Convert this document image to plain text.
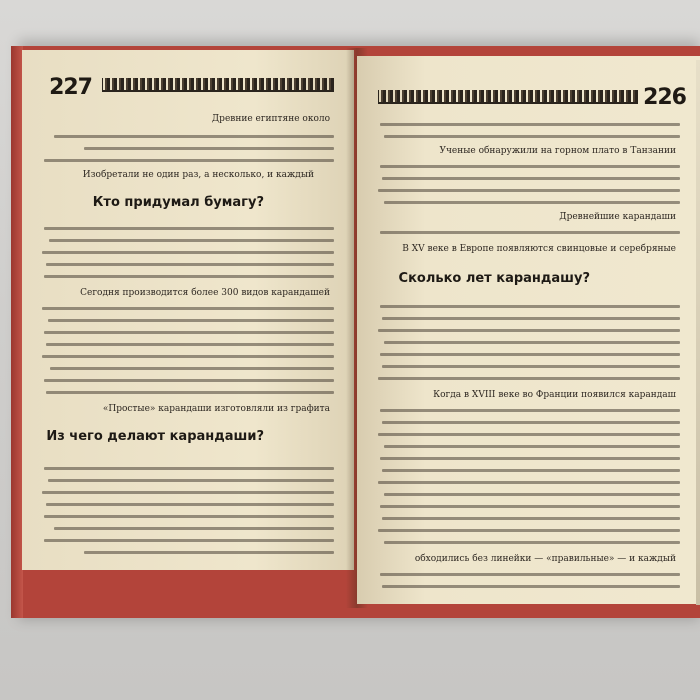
227
Древние египтяне около
Изобретали не один раз, а несколько, и каждый
Кто придумал бумагу?
Сегодня производится более 300 видов карандашей
«Простые» карандаши изготовляли из графита
Из чего делают карандаши?
226
Ученые обнаружили на горном плато в Танзании
Древнейшие карандаши
В XV веке в Европе появляются свинцовые и серебряные
Сколько лет карандашу?
Когда в XVIII веке во Франции появился карандаш
обходились без линейки — «правильные» — и каждый
